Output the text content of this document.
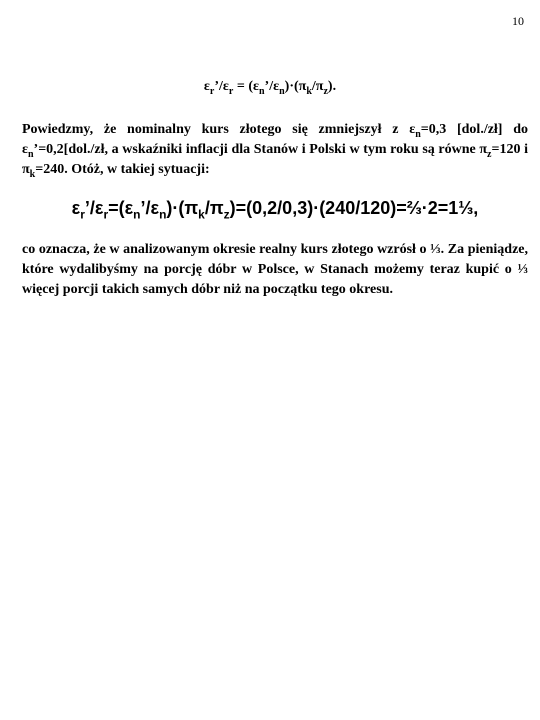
10
$\varepsilon_r’/\varepsilon_r$ = $(\varepsilon_n’/\varepsilon_n)\cdot(\pi_k/\pi_z)$.
Powiedzmy, że nominalny kurs złotego się zmniejszył z $\varepsilon_n=0,3$ [dol./zł] do $\varepsilon_n’=0,2[dol./zł$, a wskaźniki inflacji dla Stanów i Polski w tym roku są równe $\pi_z=120$ i $\pi_k=240$. Otóż, w takiej sytuacji:
$\varepsilon_r’/\varepsilon_r=(\varepsilon_n’/\varepsilon_n)\cdot(\pi_k/\pi_z)=(0,2/0,3)\cdot(240/120)=\frac{2}{3}\cdot 2=1\frac{1}{3}$,
co oznacza, że w analizowanym okresie realny kurs złotego wzrósł o ⅓. Za pieniądze, które wydalibyśmy na porcję dóbr w Polsce, w Stanach możemy teraz kupić o ⅓ więcej porcji takich samych dóbr niż na początku tego okresu.
